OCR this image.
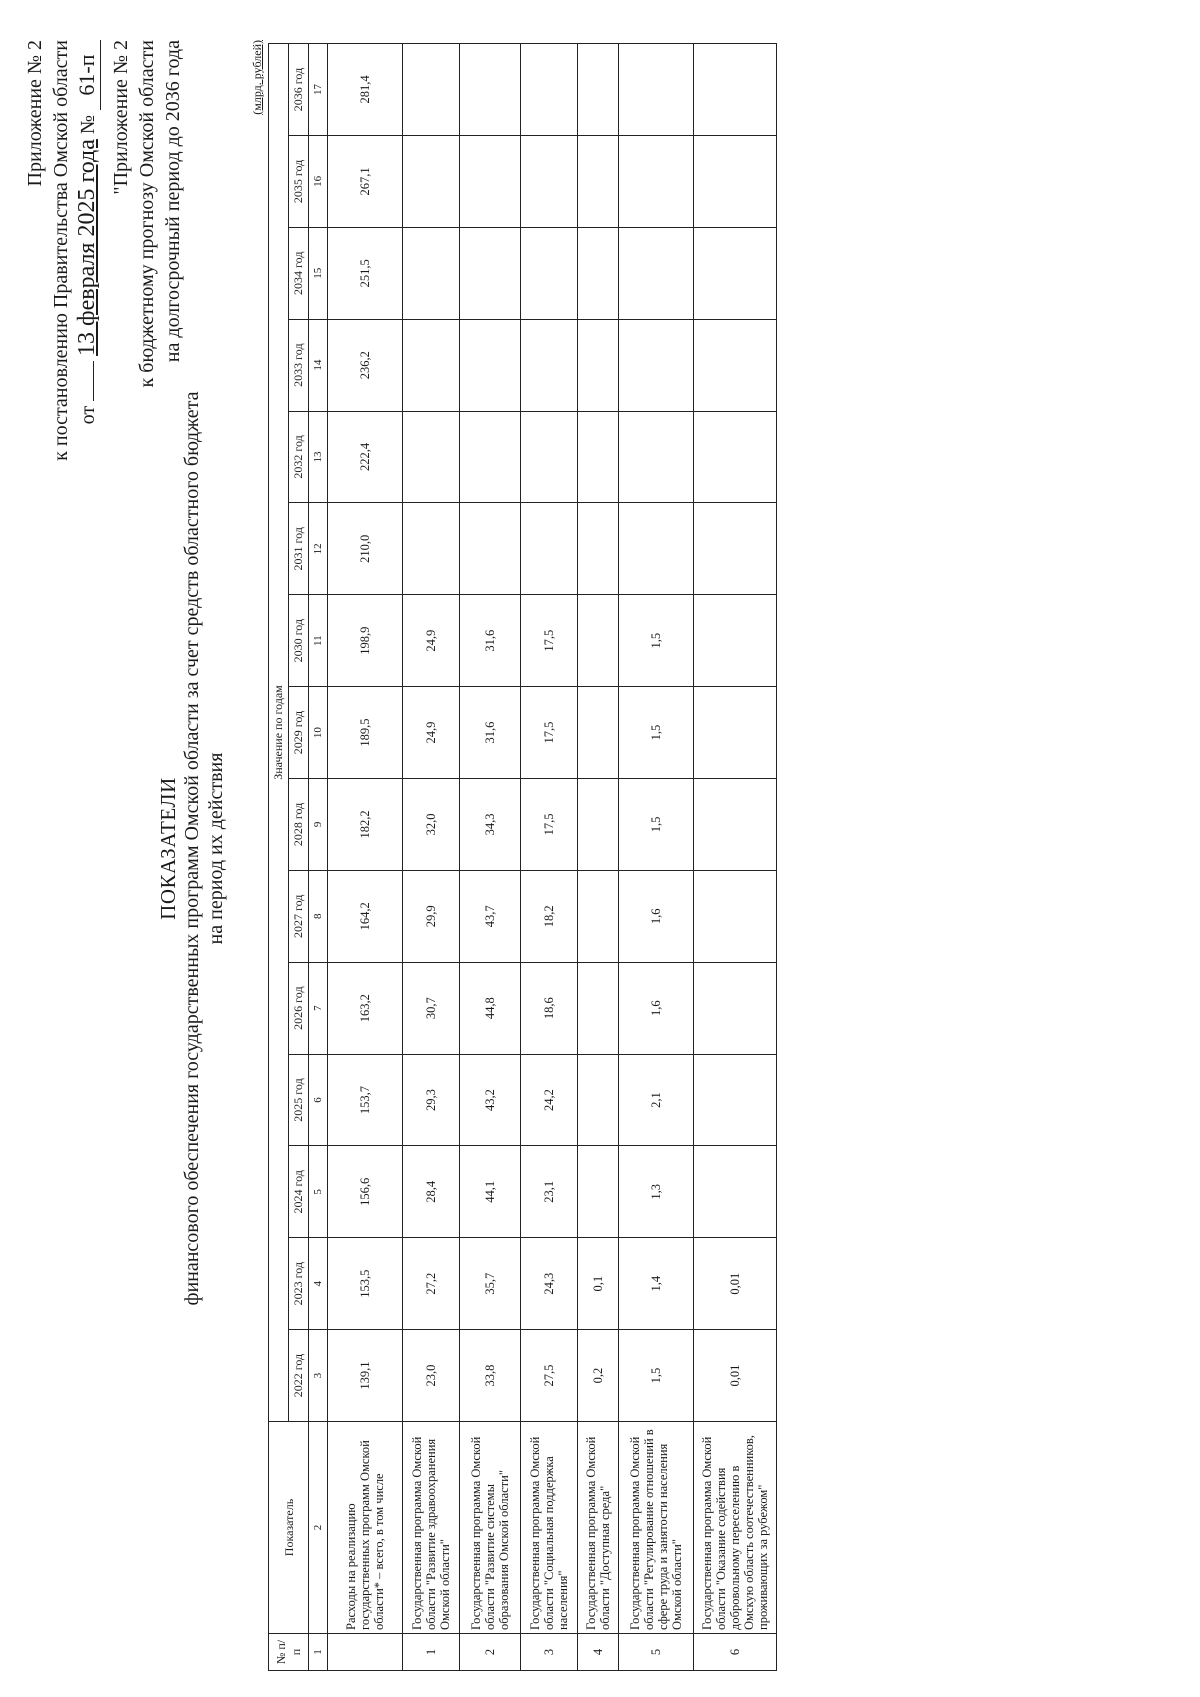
Приложение № 2 к постановлению Правительства Омской области от  13 февраля 2025 года № 61-п "Приложение № 2 к бюджетному прогнозу Омской области на долгосрочный период до 2036 года
ПОКАЗАТЕЛИ финансового обеспечения государственных программ Омской области за счет средств областного бюджета на период их действия
(млрд. рублей)
№ п/п	Показатель	Значение по годам														
		2022 год	2023 год	2024 год	2025 год	2026 год	2027 год	2028 год	2029 год	2030 год	2031 год	2032 год	2033 год	2034 год	2035 год	2036 год
1	2	3	4	5	6	7	8	9	10	11	12	13	14	15	16	17
	Расходы на реализацию государственных программ Омской области* – всего, в том числе	139,1	153,5	156,6	153,7	163,2	164,2	182,2	189,5	198,9	210,0	222,4	236,2	251,5	267,1	281,4
1	Государственная программа Омской области "Развитие здравоохранения Омской области"	23,0	27,2	28,4	29,3	30,7	29,9	32,0	24,9	24,9						
2	Государственная программа Омской области "Развитие системы образования Омской области"	33,8	35,7	44,1	43,2	44,8	43,7	34,3	31,6	31,6						
3	Государственная программа Омской области "Социальная поддержка населения"	27,5	24,3	23,1	24,2	18,6	18,2	17,5	17,5	17,5						
4	Государственная программа Омской области "Доступная среда"	0,2	0,1													
5	Государственная программа Омской области "Регулирование отношений в сфере труда и занятости населения Омской области"	1,5	1,4	1,3	2,1	1,6	1,6	1,5	1,5	1,5						
6	Государственная программа Омской области "Оказание содействия добровольному переселению в Омскую область соотечественников, проживающих за рубежом"	0,01	0,01													
